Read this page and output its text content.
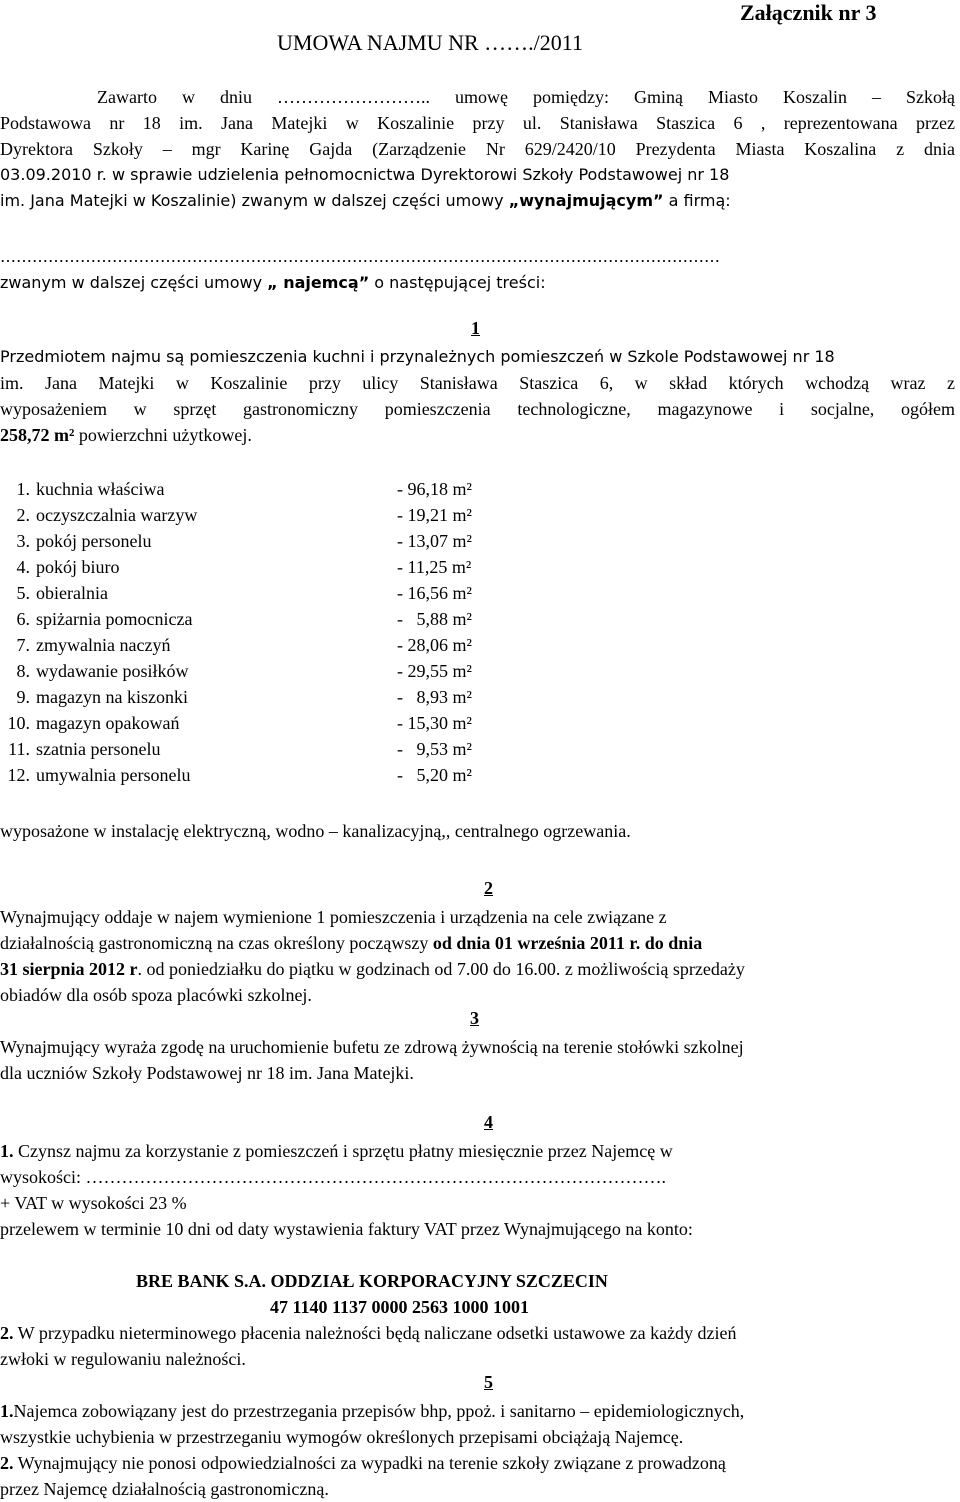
UMOWA NAJMU NR ……./2011
Załącznik nr 3
Zawarto w dniu …………………….. umowę pomiędzy: Gminą Miasto Koszalin – Szkołą
Podstawowa nr 18 im. Jana Matejki w Koszalinie przy ul. Stanisława Staszica 6 , reprezentowana przez
Dyrektora Szkoły – mgr Karinę Gajda (Zarządzenie Nr 629/2420/10 Prezydenta Miasta Koszalina z dnia
03.09.2010 r. w sprawie udzielenia pełnomocnictwa Dyrektorowi Szkoły Podstawowej nr 18
im. Jana Matejki w Koszalinie) zwanym w dalszej części umowy „wynajmującym” a firmą:
………………………………………………………………………………………………………………………
zwanym w dalszej części umowy „ najemcą” o następującej treści:
1
Przedmiotem najmu są pomieszczenia kuchni i przynależnych pomieszczeń w Szkole Podstawowej nr 18
im. Jana Matejki w Koszalinie przy ulicy Stanisława Staszica 6, w skład których wchodzą wraz z
wyposażeniem w sprzęt gastronomiczny pomieszczenia technologiczne, magazynowe i socjalne, ogółem
258,72 m² powierzchni użytkowej.
1. kuchnia właściwa	- 96,18 m²
2. oczyszczalnia warzyw	- 19,21 m²
3. pokój personelu	- 13,07 m²
4. pokój biuro	- 11,25 m²
5. obieralnia	- 16,56 m²
6. spiżarnia pomocnicza	-   5,88 m²
7. zmywalnia naczyń	- 28,06 m²
8. wydawanie posiłków	- 29,55 m²
9. magazyn na kiszonki	-   8,93 m²
10. magazyn opakowań	- 15,30 m²
11. szatnia personelu	-   9,53 m²
12. umywalnia personelu	-   5,20 m²
wyposażone w instalację elektryczną, wodno – kanalizacyjną,, centralnego ogrzewania.
2
Wynajmujący oddaje w najem wymienione 1 pomieszczenia i urządzenia na cele związane z
działalnością gastronomiczną na czas określony począwszy od dnia 01 września 2011 r. do dnia
31 sierpnia 2012 r. od poniedziałku do piątku w godzinach od 7.00 do 16.00. z możliwością sprzedaży
obiadów dla osób spoza placówki szkolnej.
3
Wynajmujący wyraża zgodę na uruchomienie bufetu ze zdrową żywnością na terenie stołówki szkolnej
dla uczniów Szkoły Podstawowej nr 18 im. Jana Matejki.
4
1. Czynsz najmu za korzystanie z pomieszczeń i sprzętu płatny miesięcznie przez Najemcę w
wysokości: …………………………………………………………………………………….
+ VAT w wysokości 23 %
przelewem w terminie 10 dni od daty wystawienia faktury VAT przez Wynajmującego na konto:
BRE BANK S.A. ODDZIAŁ KORPORACYJNY SZCZECIN
47 1140 1137 0000 2563 1000 1001
2. W przypadku nieterminowego płacenia należności będą naliczane odsetki ustawowe za każdy dzień
zwłoki w regulowaniu należności.
5
1.Najemca zobowiązany jest do przestrzegania przepisów bhp, ppoż. i sanitarno – epidemiologicznych,
wszystkie uchybienia w przestrzeganiu wymogów określonych przepisami obciążają Najemcę.
2. Wynajmujący nie ponosi odpowiedzialności za wypadki na terenie szkoły związane z prowadzoną
przez Najemcę działalnością gastronomiczną.
